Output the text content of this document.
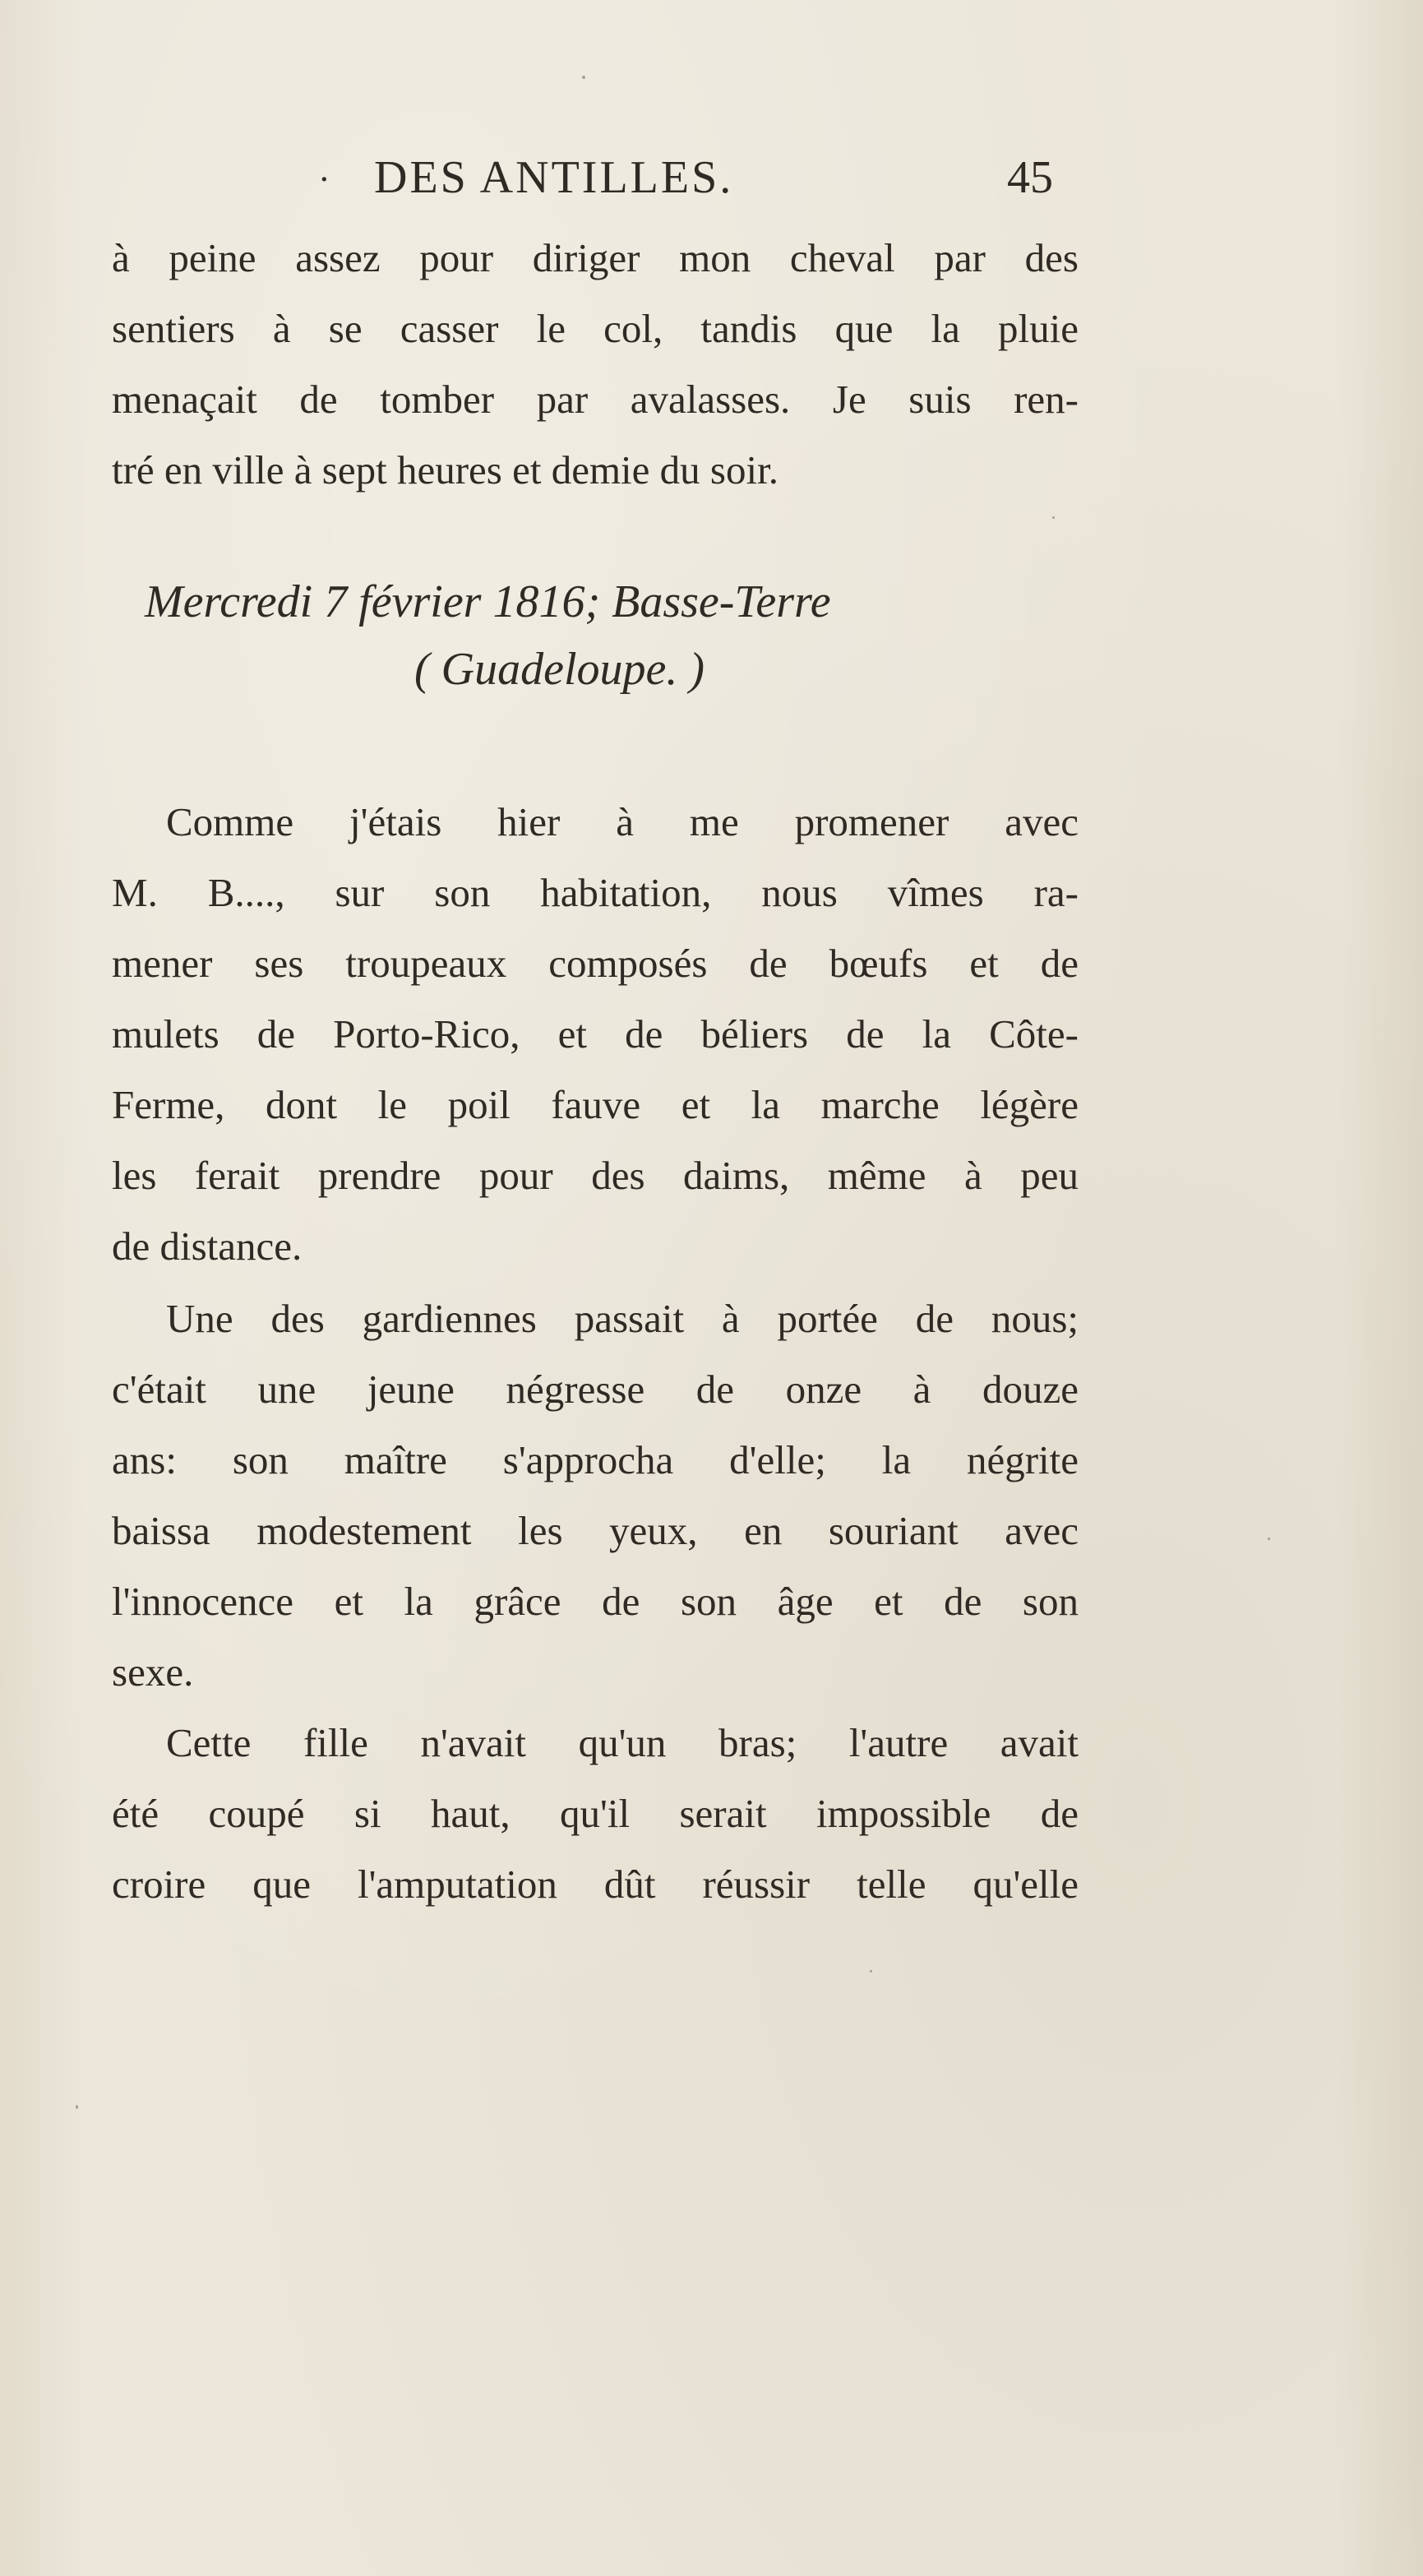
· DES ANTILLES.	45
à peine assez pour diriger mon cheval par des
sentiers à se casser le col, tandis que la pluie
menaçait de tomber par avalasses. Je suis ren-
tré en ville à sept heures et demie du soir.
Mercredi 7 février 1816; Basse-Terre
( Guadeloupe. )
Comme j'étais hier à me promener avec
M. B...., sur son habitation, nous vîmes ra-
mener ses troupeaux composés de bœufs et de
mulets de Porto-Rico, et de béliers de la Côte-
Ferme, dont le poil fauve et la marche légère
les ferait prendre pour des daims, même à peu
de distance.
Une des gardiennes passait à portée de nous;
c'était une jeune négresse de onze à douze
ans: son maître s'approcha d'elle; la négrite
baissa modestement les yeux, en souriant avec
l'innocence et la grâce de son âge et de son
sexe.
Cette fille n'avait qu'un bras; l'autre avait
été coupé si haut, qu'il serait impossible de
croire que l'amputation dût réussir telle qu'elle
